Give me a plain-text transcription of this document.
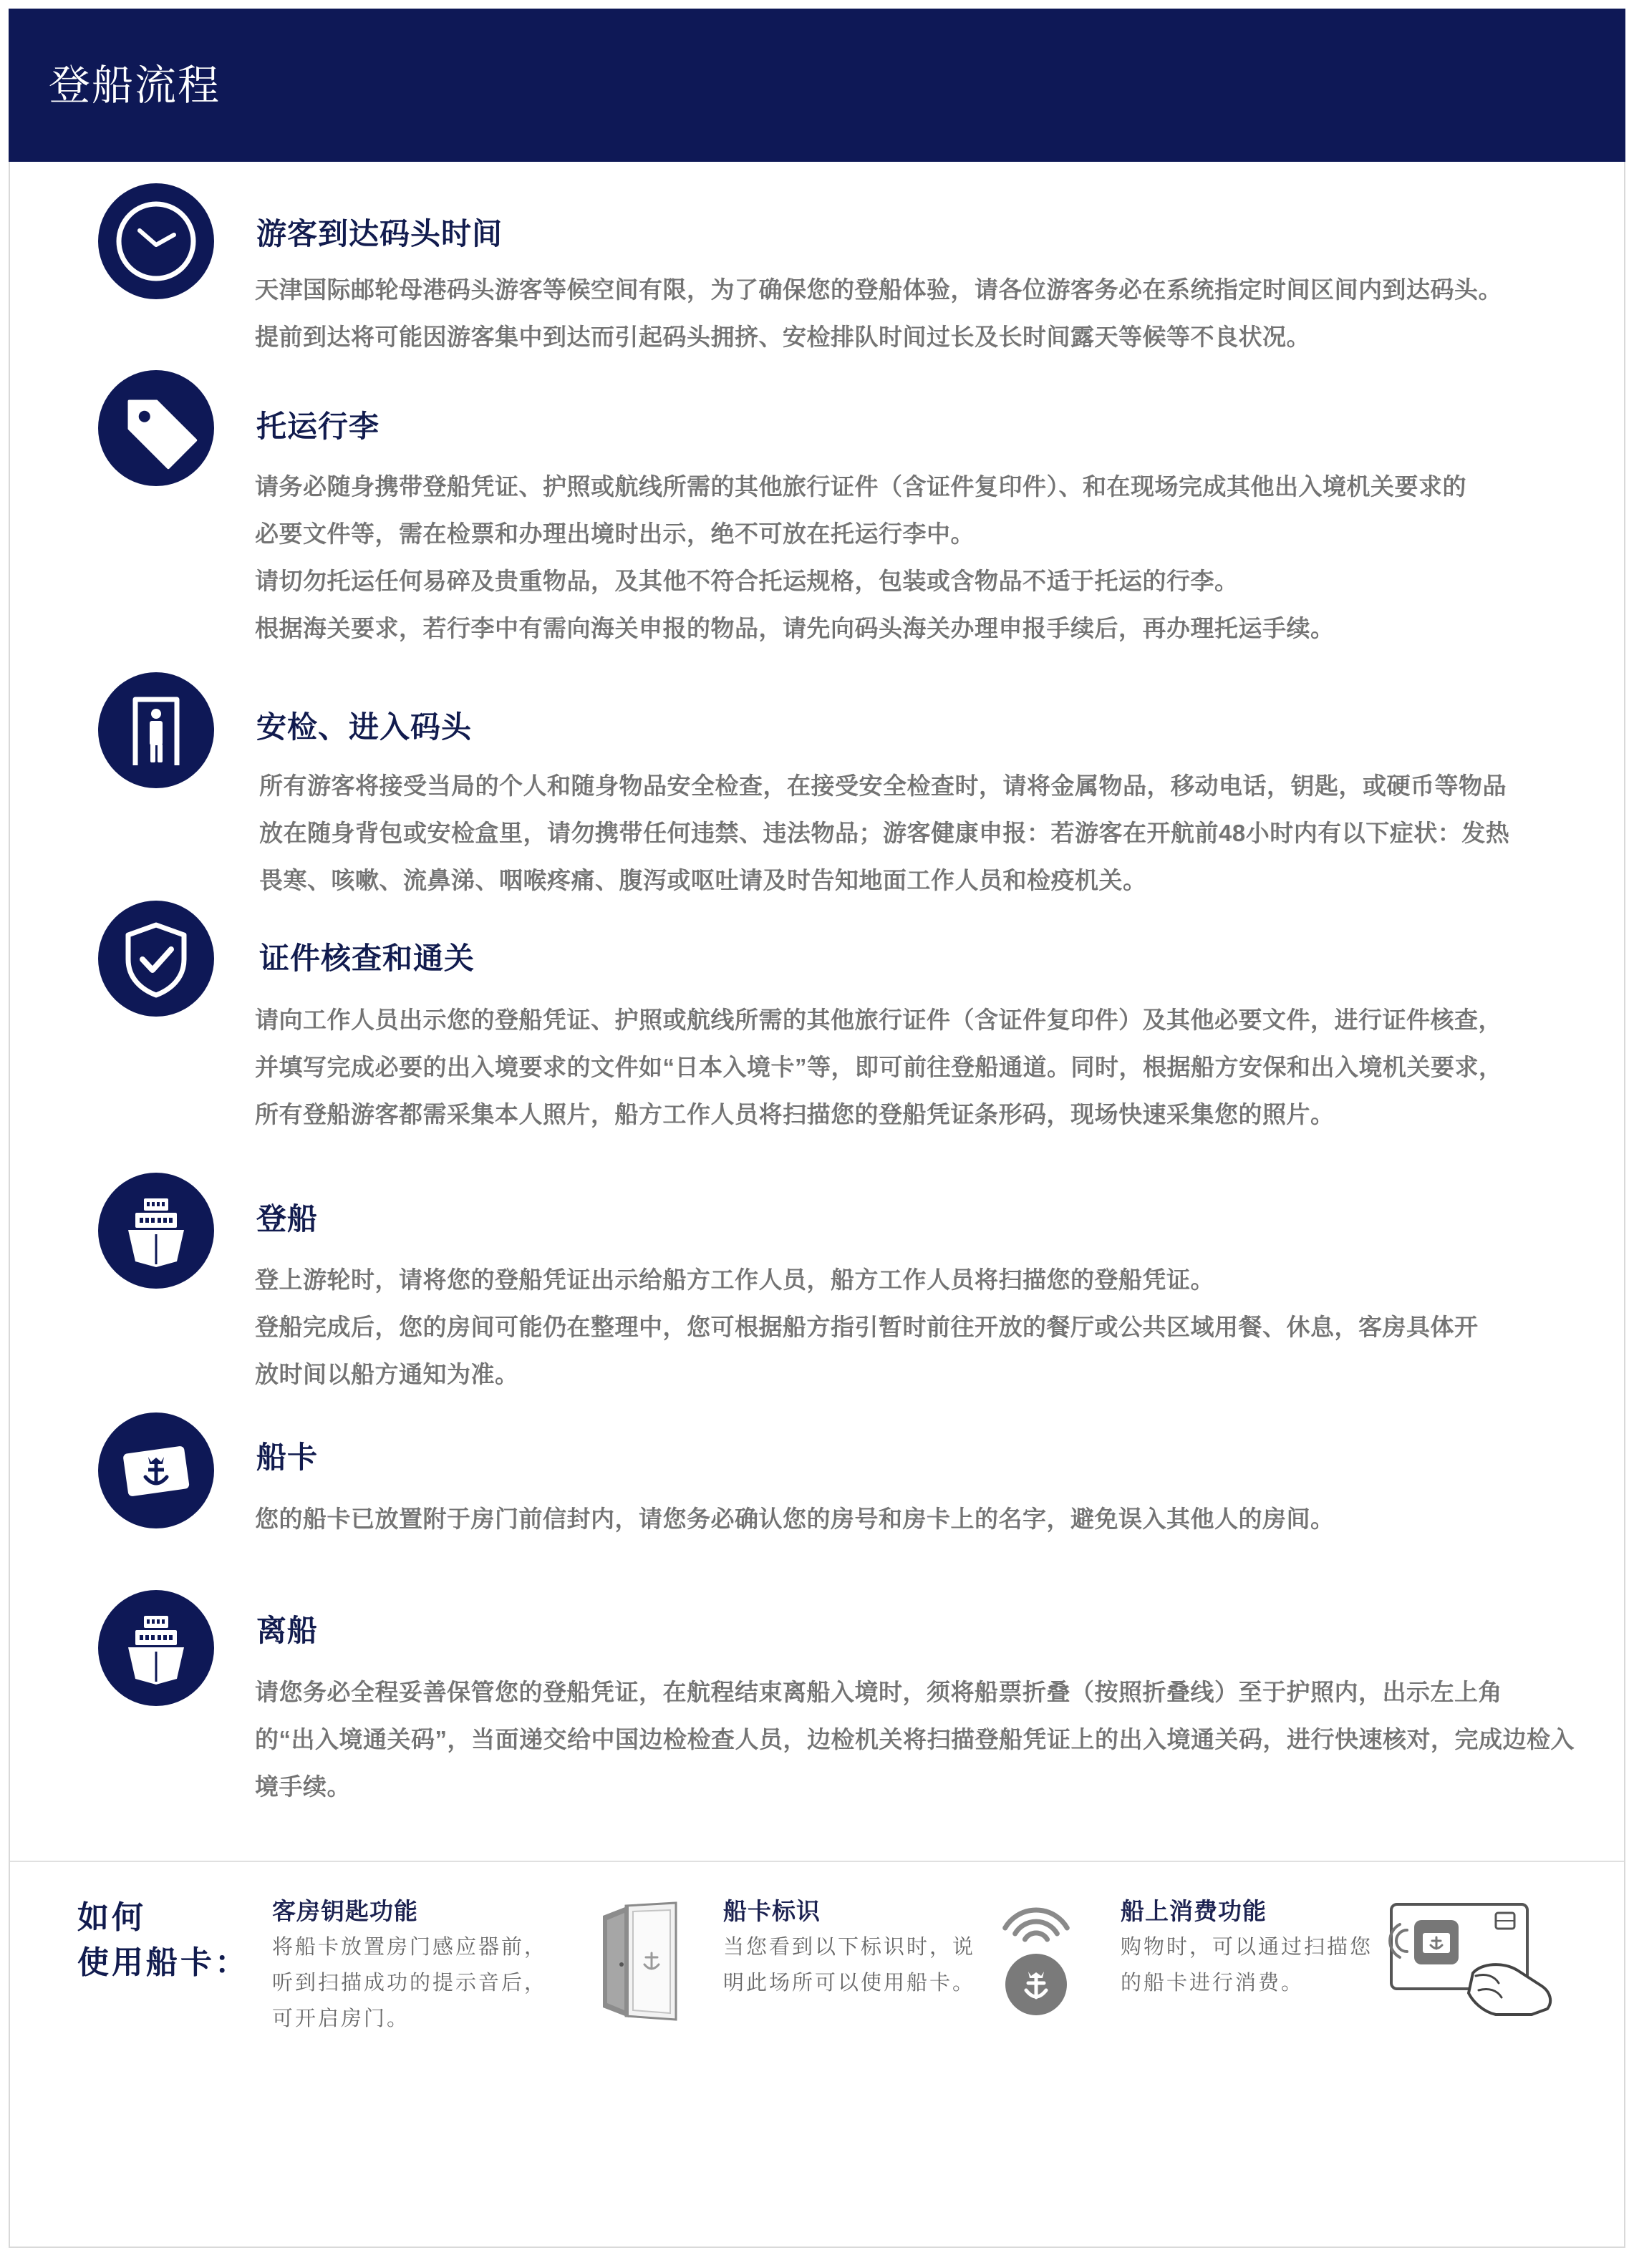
登船流程
游客到达码头时间
天津国际邮轮母港码头游客等候空间有限，为了确保您的登船体验，请各位游客务必在系统指定时间区间内到达码头。
提前到达将可能因游客集中到达而引起码头拥挤、安检排队时间过长及长时间露天等候等不良状况。
托运行李
请务必随身携带登船凭证、护照或航线所需的其他旅行证件（含证件复印件）、和在现场完成其他出入境机关要求的
必要文件等，需在检票和办理出境时出示，绝不可放在托运行李中。
请切勿托运任何易碎及贵重物品，及其他不符合托运规格，包装或含物品不适于托运的行李。
根据海关要求，若行李中有需向海关申报的物品，请先向码头海关办理申报手续后，再办理托运手续。
安检、进入码头
所有游客将接受当局的个人和随身物品安全检查，在接受安全检查时，请将金属物品，移动电话，钥匙，或硬币等物品
放在随身背包或安检盒里，请勿携带任何违禁、违法物品；游客健康申报：若游客在开航前48小时内有以下症状：发热
畏寒、咳嗽、流鼻涕、咽喉疼痛、腹泻或呕吐请及时告知地面工作人员和检疫机关。
证件核查和通关
请向工作人员出示您的登船凭证、护照或航线所需的其他旅行证件（含证件复印件）及其他必要文件，进行证件核查，
并填写完成必要的出入境要求的文件如“日本入境卡”等，即可前往登船通道。同时，根据船方安保和出入境机关要求，
所有登船游客都需采集本人照片，船方工作人员将扫描您的登船凭证条形码，现场快速采集您的照片。
登船
登上游轮时，请将您的登船凭证出示给船方工作人员，船方工作人员将扫描您的登船凭证。
登船完成后，您的房间可能仍在整理中，您可根据船方指引暂时前往开放的餐厅或公共区域用餐、休息，客房具体开
放时间以船方通知为准。
船卡
您的船卡已放置附于房门前信封内，请您务必确认您的房号和房卡上的名字，避免误入其他人的房间。
离船
请您务必全程妥善保管您的登船凭证，在航程结束离船入境时，须将船票折叠（按照折叠线）至于护照内，出示左上角
的“出入境通关码”，当面递交给中国边检检查人员，边检机关将扫描登船凭证上的出入境通关码，进行快速核对，完成边检入
境手续。
如何
使用船卡：
客房钥匙功能
将船卡放置房门感应器前，
听到扫描成功的提示音后，
可开启房门。
船卡标识
当您看到以下标识时，说
明此场所可以使用船卡。
船上消费功能
购物时，可以通过扫描您
的船卡进行消费。
